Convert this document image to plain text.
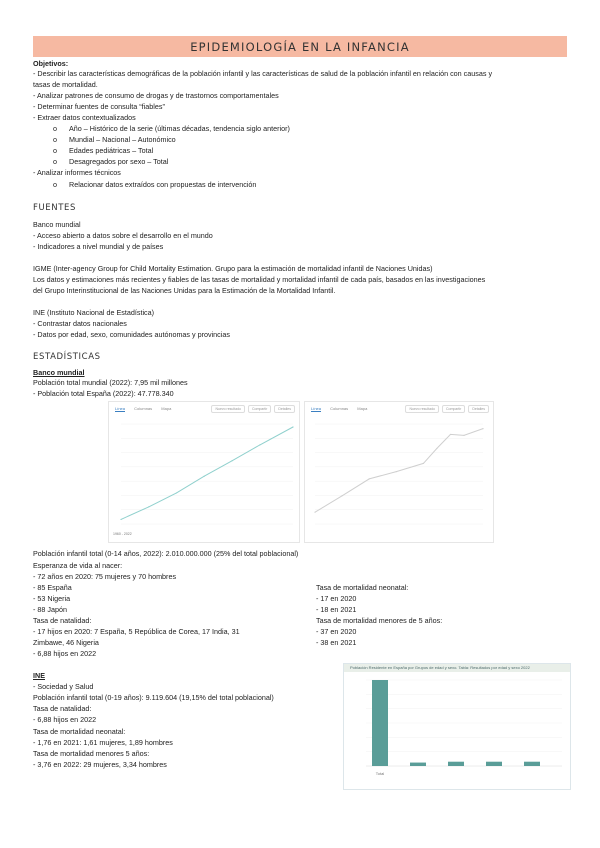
EPIDEMIOLOGÍA EN LA INFANCIA
Objetivos:
- Describir las características demográficas de la población infantil y las características de salud de la población infantil en relación con causas y
tasas de mortalidad.
- Analizar patrones de consumo de drogas y de trastornos comportamentales
- Determinar fuentes de consulta “fiables”
- Extraer datos contextualizados
o Año – Histórico de la serie (últimas décadas, tendencia siglo anterior)
o Mundial – Nacional – Autonómico
o Edades pediátricas – Total
o Desagregados por sexo – Total
- Analizar informes técnicos
o Relacionar datos extraídos con propuestas de intervención
FUENTES
Banco mundial
- Acceso abierto a datos sobre el desarrollo en el mundo
- Indicadores a nivel mundial y de países
IGME (Inter-agency Group for Child Mortality Estimation. Grupo para la estimación de mortalidad infantil de Naciones Unidas)
Los datos y estimaciones más recientes y fiables de las tasas de mortalidad y mortalidad infantil de cada país, basados en las investigaciones
del Grupo Interinstitucional de las Naciones Unidas para la Estimación de la Mortalidad Infantil.
INE (Instituto Nacional de Estadística)
- Contrastar datos nacionales
- Datos por edad, sexo, comunidades autónomas y provincias
ESTADÍSTICAS
Banco mundial
Población total mundial (2022): 7,95 mil millones
- Población total España (2022): 47.778.340
Línea Columnas Mapa	Nuevo resultado	Compartir	Detalles
1960 - 2022
Línea Columnas Mapa	Nuevo resultado	Compartir	Detalles
Población infantil total (0-14 años, 2022): 2.010.000.000 (25% del total poblacional)
Esperanza de vida al nacer:
- 72 años en 2020: 75 mujeres y 70 hombres
- 85 España
- 53 Nigeria
- 88 Japón
Tasa de natalidad:
- 17 hijos en 2020: 7 España, 5 República de Corea, 17 India, 31
Zimbawe, 46 Nigeria
- 6,88 hijos en 2022
Tasa de mortalidad neonatal:
- 17 en 2020
- 18 en 2021
Tasa de mortalidad menores de 5 años:
- 37 en 2020
- 38 en 2021
INE
- Sociedad y Salud
Población infantil total (0-19 años): 9.119.604 (19,15% del total poblacional)
Tasa de natalidad:
- 6,88 hijos en 2022
Tasa de mortalidad neonatal:
- 1,76 en 2021: 1,61 mujeres, 1,89 hombres
Tasa de mortalidad menores 5 años:
- 3,76 en 2022: 29 mujeres, 3,34 hombres
Población Residente en España por Grupos de edad y sexo. Tabla: Resultados por edad y sexo 2022
Total
